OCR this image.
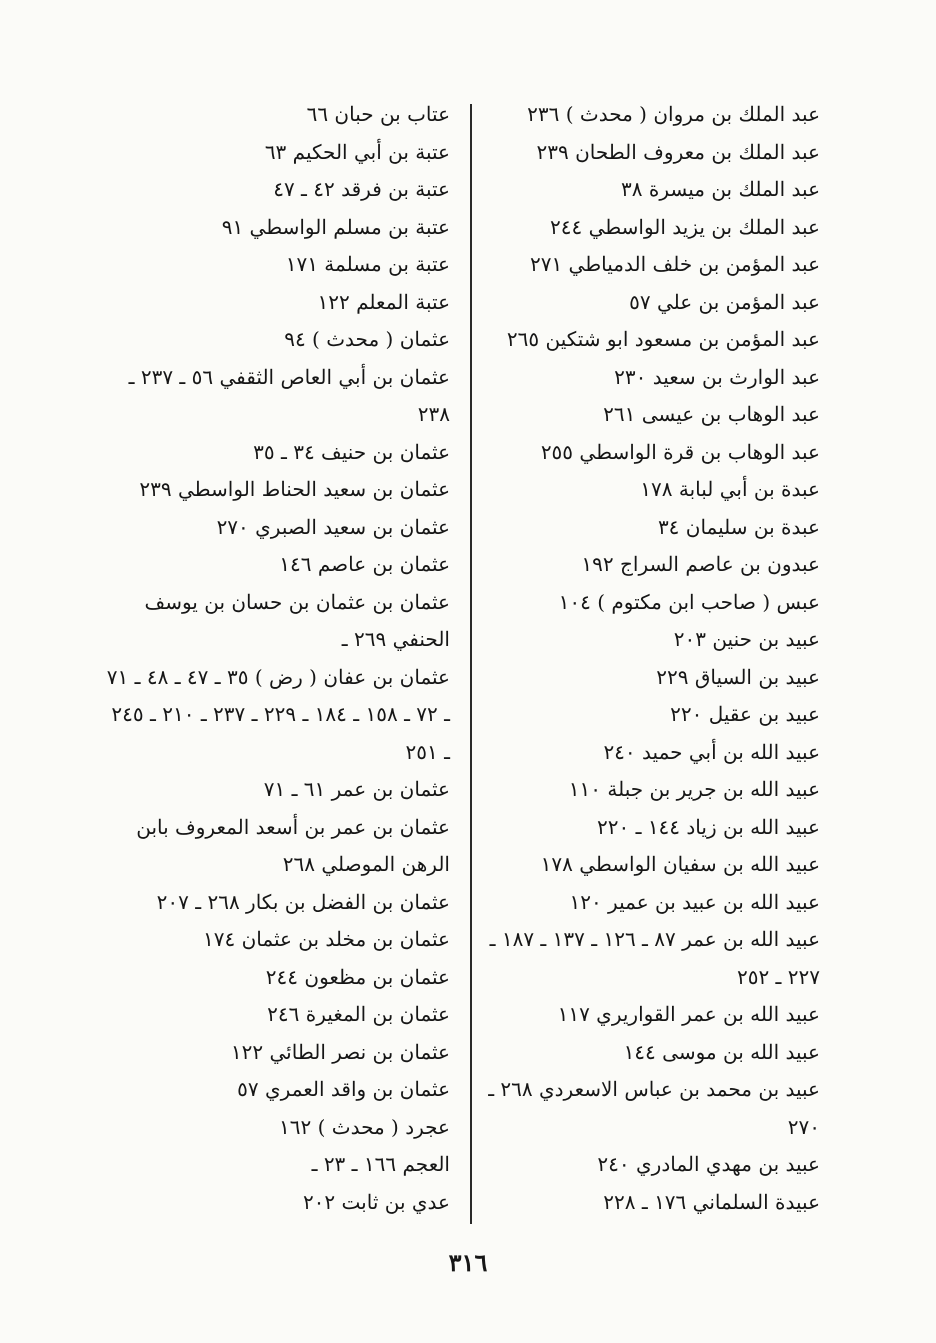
عبد الملك بن مروان ( محدث ) ٢٣٦
عبد الملك بن معروف الطحان ٢٣٩
عبد الملك بن ميسرة ٣٨
عبد الملك بن يزيد الواسطي ٢٤٤
عبد المؤمن بن خلف الدمياطي ٢٧١
عبد المؤمن بن علي ٥٧
عبد المؤمن بن مسعود ابو شتكين ٢٦٥
عبد الوارث بن سعيد ٢٣٠
عبد الوهاب بن عيسى ٢٦١
عبد الوهاب بن قرة الواسطي ٢٥٥
عبدة بن أبي لبابة ١٧٨
عبدة بن سليمان ٣٤
عبدون بن عاصم السراج ١٩٢
عبس ( صاحب ابن مكتوم ) ١٠٤
عبيد بن حنين ٢٠٣
عبيد بن السياق ٢٢٩
عبيد بن عقيل ٢٢٠
عبيد الله بن أبي حميد ٢٤٠
عبيد الله بن جرير بن جبلة ١١٠
عبيد الله بن زياد ١٤٤ ـ ٢٢٠
عبيد الله بن سفيان الواسطي ١٧٨
عبيد الله بن عبيد بن عمير ١٢٠
عبيد الله بن عمر ٨٧ ـ ١٢٦ ـ ١٣٧ ـ ١٨٧ ـ ٢٢٧ ـ ٢٥٢
عبيد الله بن عمر القواريري ١١٧
عبيد الله بن موسى ١٤٤
عبيد بن محمد بن عباس الاسعردي ٢٦٨ ـ ٢٧٠
عبيد بن مهدي المادري ٢٤٠
عبيدة السلماني ١٧٦ ـ ٢٢٨
عتاب بن حبان ٦٦
عتبة بن أبي الحكيم ٦٣
عتبة بن فرقد ٤٢ ـ ٤٧
عتبة بن مسلم الواسطي ٩١
عتبة بن مسلمة ١٧١
عتبة المعلم ١٢٢
عثمان ( محدث ) ٩٤
عثمان بن أبي العاص الثقفي ٥٦ ـ ٢٣٧ ـ ٢٣٨
عثمان بن حنيف ٣٤ ـ ٣٥
عثمان بن سعيد الحناط الواسطي ٢٣٩
عثمان بن سعيد الصبري ٢٧٠
عثمان بن عاصم ١٤٦
عثمان بن عثمان بن حسان بن يوسف الحنفي ٢٦٩ ـ
عثمان بن عفان ( رض ) ٣٥ ـ ٤٧ ـ ٤٨ ـ ٧١ ـ ٧٢ ـ ١٥٨ ـ ١٨٤ ـ ٢٢٩ ـ ٢٣٧ ـ ٢١٠ ـ ٢٤٥ ـ ٢٥١
عثمان بن عمر ٦١ ـ ٧١
عثمان بن عمر بن أسعد المعروف بابن الرهن الموصلي ٢٦٨
عثمان بن الفضل بن بكار ٢٦٨ ـ ٢٠٧
عثمان بن مخلد بن عثمان ١٧٤
عثمان بن مظعون ٢٤٤
عثمان بن المغيرة ٢٤٦
عثمان بن نصر الطائي ١٢٢
عثمان بن واقد العمري ٥٧
عجرد ( محدث ) ١٦٢
العجم ١٦٦ ـ ٢٣ ـ
عدي بن ثابت ٢٠٢
٣١٦
